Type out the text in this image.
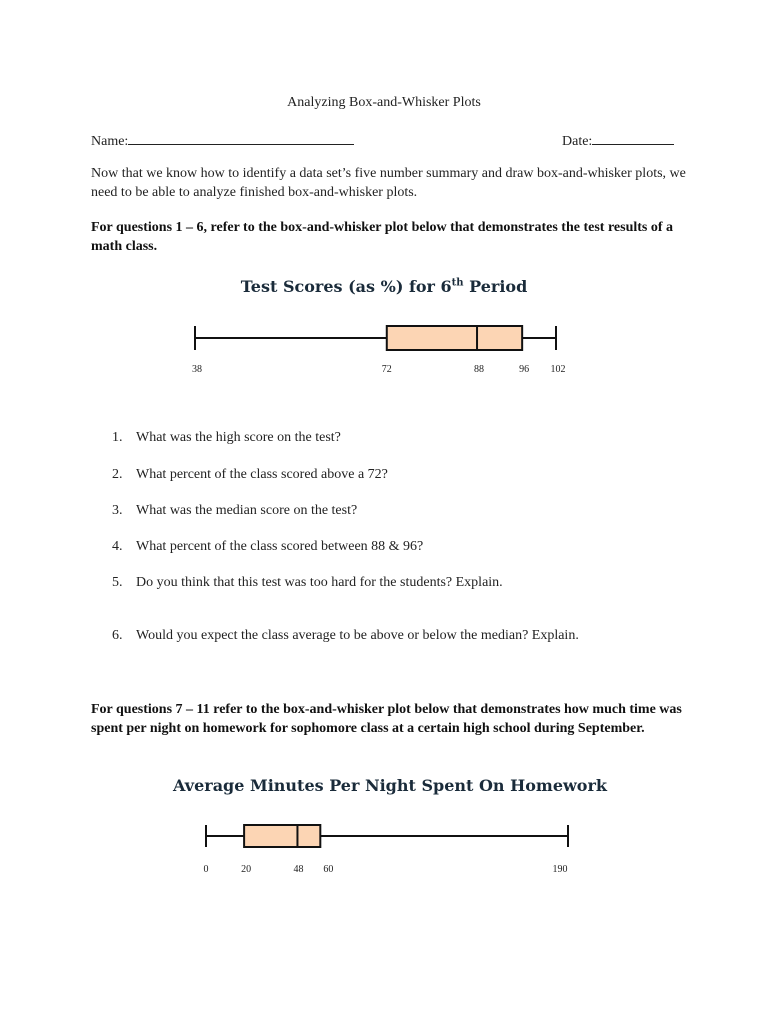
Analyzing Box-and-Whisker Plots
Name:	Date:
Now that we know how to identify a data set’s five number summary and draw box-and-whisker plots, we need to be able to analyze finished box-and-whisker plots.
For questions 1 – 6, refer to the box-and-whisker plot below that demonstrates the test results of a math class.
Test Scores (as %) for 6th Period
38	72	88	96 102
1. What was the high score on the test?
2. What percent of the class scored above a 72?
3. What was the median score on the test?
4. What percent of the class scored between 88 & 96?
5. Do you think that this test was too hard for the students? Explain.
6. Would you expect the class average to be above or below the median? Explain.
For questions 7 – 11 refer to the box-and-whisker plot below that demonstrates how much time was spent per night on homework for sophomore class at a certain high school during September.
Average Minutes Per Night Spent On Homework
0	20	48 60	190
